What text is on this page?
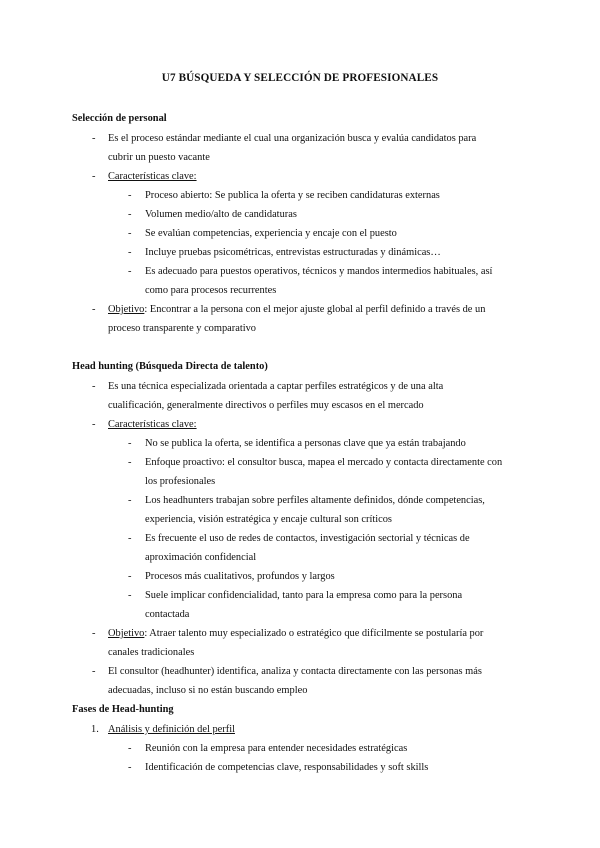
U7 BÚSQUEDA Y SELECCIÓN DE PROFESIONALES
Selección de personal
- Es el proceso estándar mediante el cual una organización busca y evalúa candidatos para
cubrir un puesto vacante
- Características clave:
- Proceso abierto: Se publica la oferta y se reciben candidaturas externas
- Volumen medio/alto de candidaturas
- Se evalúan competencias, experiencia y encaje con el puesto
- Incluye pruebas psicométricas, entrevistas estructuradas y dinámicas…
- Es adecuado para puestos operativos, técnicos y mandos intermedios habituales, así
como para procesos recurrentes
- Objetivo: Encontrar a la persona con el mejor ajuste global al perfil definido a través de un
proceso transparente y comparativo
Head hunting (Búsqueda Directa de talento)
- Es una técnica especializada orientada a captar perfiles estratégicos y de una alta
cualificación, generalmente directivos o perfiles muy escasos en el mercado
- Características clave:
- No se publica la oferta, se identifica a personas clave que ya están trabajando
- Enfoque proactivo: el consultor busca, mapea el mercado y contacta directamente con
los profesionales
- Los headhunters trabajan sobre perfiles altamente definidos, dónde competencias,
experiencia, visión estratégica y encaje cultural son críticos
- Es frecuente el uso de redes de contactos, investigación sectorial y técnicas de
aproximación confidencial
- Procesos más cualitativos, profundos y largos
- Suele implicar confidencialidad, tanto para la empresa como para la persona
contactada
- Objetivo: Atraer talento muy especializado o estratégico que difícilmente se postularía por
canales tradicionales
- El consultor (headhunter) identifica, analiza y contacta directamente con las personas más
adecuadas, incluso si no están buscando empleo
Fases de Head-hunting
1. Análisis y definición del perfil
- Reunión con la empresa para entender necesidades estratégicas
- Identificación de competencias clave, responsabilidades y soft skills
